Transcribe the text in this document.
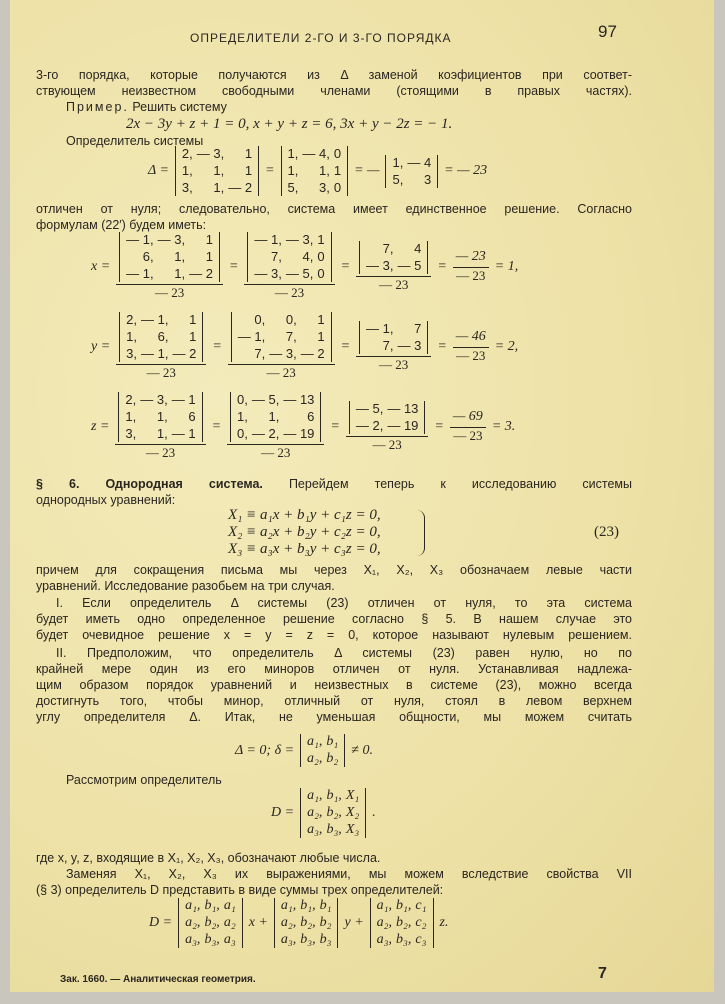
ОПРЕДЕЛИТЕЛИ 2-ГО И 3-ГО ПОРЯДКА	97
3-го порядка, которые получаются из Δ заменой коэфициентов при соответ-
ствующем неизвестном свободными членами (стоящими в правых частях).
Пример. Решить систему
2x − 3y + z + 1 = 0, x + y + z = 6, 3x + y − 2z = − 1.
Определитель системы
Δ =
2, — 3,	1
1,	1,	1
3,	1, — 2
=
1, — 4, 0
1,	1, 1
5,	3, 0
= —
1, — 4
5,	3
= — 23
отличен от нуля; следовательно, система имеет единственное решение. Согласно
формулам (22′) будем иметь:
x = — 1, — 3,	1
6,	1,	1
— 1,	1, — 2
— 23 = — 1, — 3, 1
7,	4, 0
— 3, — 5, 0
— 23 = 7,	4
— 3, — 5
— $23 = \frac{— 23}{— 23} = 1$,
y = 2, — 1,	1
1,	6,	1
3, — 1, — 2
— 23 = 0,	0,	1
— 1,	7,	1
7, — 3, — 2
— 23 = — 1,	7
7, — 3
— $23 = \frac{— 46}{— 23} = 2$,
z = 2, — 3, — 1
1,	1,	6
3,	1, — 1
— 23 = 0, — 5, — 13
1,	1,	6
0, — 2, — 19
— 23 = — 5, — 13
— 2, — 19
— $23 = \frac{— 69}{— 23} = 3$.
§ 6. Однородная система. Перейдем теперь к исследованию системы
однородных уравнений:
X₁ ≡ a₁x + b₁y + c₁z = 0,
X₂ ≡ a₂x + b₂y + c₂z = 0,
X₃ ≡ a₃x + b₃y + c₃z = 0,
(23)
причем для сокращения письма мы через X₁, X₂, X₃ обозначаем левые части
уравнений. Исследование разобьем на три случая.
I. Если определитель Δ системы (23) отличен от нуля, то эта система
будет иметь одно определенное решение согласно § 5. В нашем случае это
будет очевидное решение x = y = z = 0, которое называют нулевым решением.
II. Предположим, что определитель Δ системы (23) равен нулю, но по
крайней мере один из его миноров отличен от нуля. Устанавливая надлежа-
щим образом порядок уравнений и неизвестных в системе (23), можно всегда
достигнуть того, чтобы минор, отличный от нуля, стоял в левом верхнем
углу определителя Δ. Итак, не уменьшая общности, мы можем считать
Δ = 0; δ =
a₁, b₁
a₂, b₂
≠ 0.
Рассмотрим определитель
D =
a₁, b₁, X₁
a₂, b₂, X₂
a₃, b₃, X₃
.
где x, y, z, входящие в X₁, X₂, X₃, обозначают любые числа.
Заменяя X₁, X₂, X₃ их выражениями, мы можем вследствие свойства VII
(§ 3) определитель D представить в виде суммы трех определителей:
D =
a₁, b₁, a₁
a₂, b₂, a₂
a₃, b₃, a₃
x +
a₁, b₁, b₁
a₂, b₂, b₂
a₃, b₃, b₃
y +
a₁, b₁, c₁
a₂, b₂, c₂
a₃, b₃, c₃
z.
Зак. 1660. — Аналитическая геометрия.	7
